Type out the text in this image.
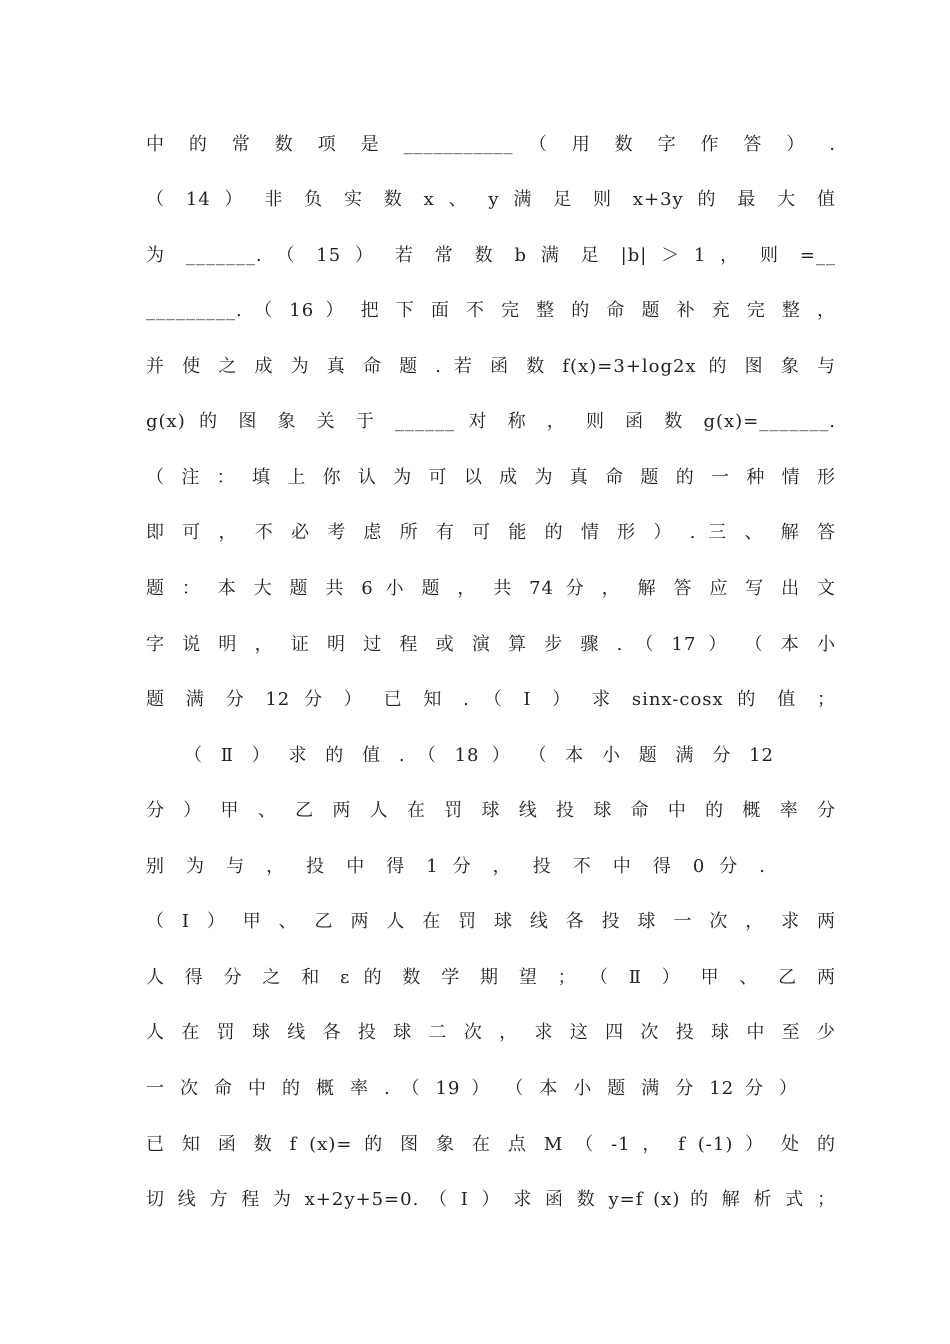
中 的 常 数 项 是 ___________ （ 用 数 字 作 答 ） .
（ 14 ） 非 负 实 数 x 、 y 满 足 则 x+3y 的 最 大 值
为 _______. （ 15 ） 若 常 数 b 满 足 |b| ＞ 1 ， 则 =__
_________. （ 16 ） 把 下 面 不 完 整 的 命 题 补 充 完 整 ，
并 使 之 成 为 真 命 题 . 若 函 数 f(x)=3+log2x 的 图 象 与
g(x) 的 图 象 关 于 ______ 对 称 ， 则 函 数 g(x)=_______.
（ 注 ： 填 上 你 认 为 可 以 成 为 真 命 题 的 一 种 情 形
即 可 ， 不 必 考 虑 所 有 可 能 的 情 形 ） . 三 、 解 答
题 ： 本 大 题 共 6 小 题 ， 共 74 分 ， 解 答 应 写 出 文
字 说 明 ， 证 明 过 程 或 演 算 步 骤 . （ 17 ） （ 本 小
题 满 分 12 分 ） 已 知 . （ Ⅰ ） 求 sinx-cosx 的 值 ；
（ Ⅱ ） 求 的 值 . （ 18 ） （ 本 小 题 满 分 12
分 ） 甲 、 乙 两 人 在 罚 球 线 投 球 命 中 的 概 率 分
别 为 与 ， 投 中 得 1 分 ， 投 不 中 得 0 分 .
（ Ⅰ ） 甲 、 乙 两 人 在 罚 球 线 各 投 球 一 次 ， 求 两
人 得 分 之 和 ε 的 数 学 期 望 ； （ Ⅱ ） 甲 、 乙 两
人 在 罚 球 线 各 投 球 二 次 ， 求 这 四 次 投 球 中 至 少
一 次 命 中 的 概 率 . （ 19 ） （ 本 小 题 满 分 12 分 ）
已 知 函 数 f (x)= 的 图 象 在 点 M （ -1 ， f (-1) ） 处 的
切 线 方 程 为 x+2y+5=0. （ Ⅰ ） 求 函 数 y=f (x) 的 解 析 式 ；
